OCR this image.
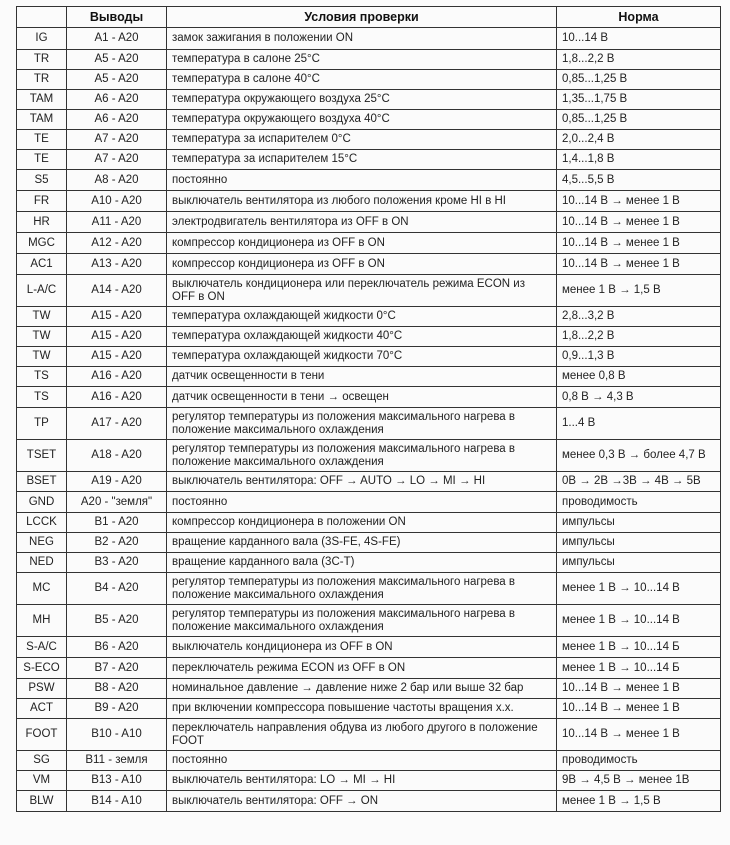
	Выводы	Условия проверки	Норма
IG	A1 - A20	замок зажигания в положении ON	10...14 В
TR	A5 - A20	температура в салоне 25°C	1,8...2,2 В
TR	A5 - A20	температура в салоне 40°C	0,85...1,25 В
TAM	A6 - A20	температура окружающего воздуха 25°C	1,35...1,75 В
TAM	A6 - A20	температура окружающего воздуха 40°C	0,85...1,25 В
TE	A7 - A20	температура за испарителем 0°C	2,0...2,4 В
TE	A7 - A20	температура за испарителем 15°C	1,4...1,8 В
S5	A8 - A20	постоянно	4,5...5,5 В
FR	A10 - A20	выключатель вентилятора из любого положения кроме HI в HI	10...14 В → менее 1 В
HR	A11 - A20	электродвигатель вентилятора из OFF в ON	10...14 В → менее 1 В
MGC	A12 - A20	компрессор кондиционера из OFF в ON	10...14 В → менее 1 В
AC1	A13 - A20	компрессор кондиционера из OFF в ON	10...14 В → менее 1 В
L-A/C	A14 - A20	выключатель кондиционера или переключатель режима ECON из OFF в ON	менее 1 В → 1,5 В
TW	A15 - A20	температура охлаждающей жидкости 0°C	2,8...3,2 В
TW	A15 - A20	температура охлаждающей жидкости 40°C	1,8...2,2 В
TW	A15 - A20	температура охлаждающей жидкости 70°C	0,9...1,3 В
TS	A16 - A20	датчик освещенности в тени	менее 0,8 В
TS	A16 - A20	датчик освещенности в тени → освещен	0,8 В → 4,3 В
TP	A17 - A20	регулятор температуры из положения максимального нагрева в положение максимального охлаждения	1...4 В
TSET	A18 - A20	регулятор температуры из положения максимального нагрева в положение максимального охлаждения	менее 0,3 В → более 4,7 В
BSET	A19 - A20	выключатель вентилятора: OFF → AUTO → LO → MI → HI	0В → 2В →3В → 4В → 5В
GND	A20 - "земля"	постоянно	проводимость
LCCK	B1 - A20	компрессор кондиционера в положении ON	импульсы
NEG	B2 - A20	вращение карданного вала (3S-FE, 4S-FE)	импульсы
NED	B3 - A20	вращение карданного вала (3C-T)	импульсы
MC	B4 - A20	регулятор температуры из положения максимального нагрева в положение максимального охлаждения	менее 1 В → 10...14 В
MH	B5 - A20	регулятор температуры из положения максимального нагрева в положение максимального охлаждения	менее 1 В → 10...14 В
S-A/C	B6 - A20	выключатель кондиционера из OFF в ON	менее 1 В → 10...14 Б
S-ECO	B7 - A20	переключатель режима ECON из OFF в ON	менее 1 В → 10...14 Б
PSW	B8 - A20	номинальное давление → давление ниже 2 бар или выше 32 бар	10...14 В → менее 1 В
ACT	B9 - A20	при включении компрессора повышение частоты вращения х.х.	10...14 В → менее 1 В
FOOT	B10 - A10	переключатель направления обдува из любого другого в положение FOOT	10...14 В → менее 1 В
SG	B11 - земля	постоянно	проводимость
VM	B13 - A10	выключатель вентилятора: LO → MI → HI	9В → 4,5 В → менее 1В
BLW	B14 - A10	выключатель вентилятора: OFF → ON	менее 1 В → 1,5 В
